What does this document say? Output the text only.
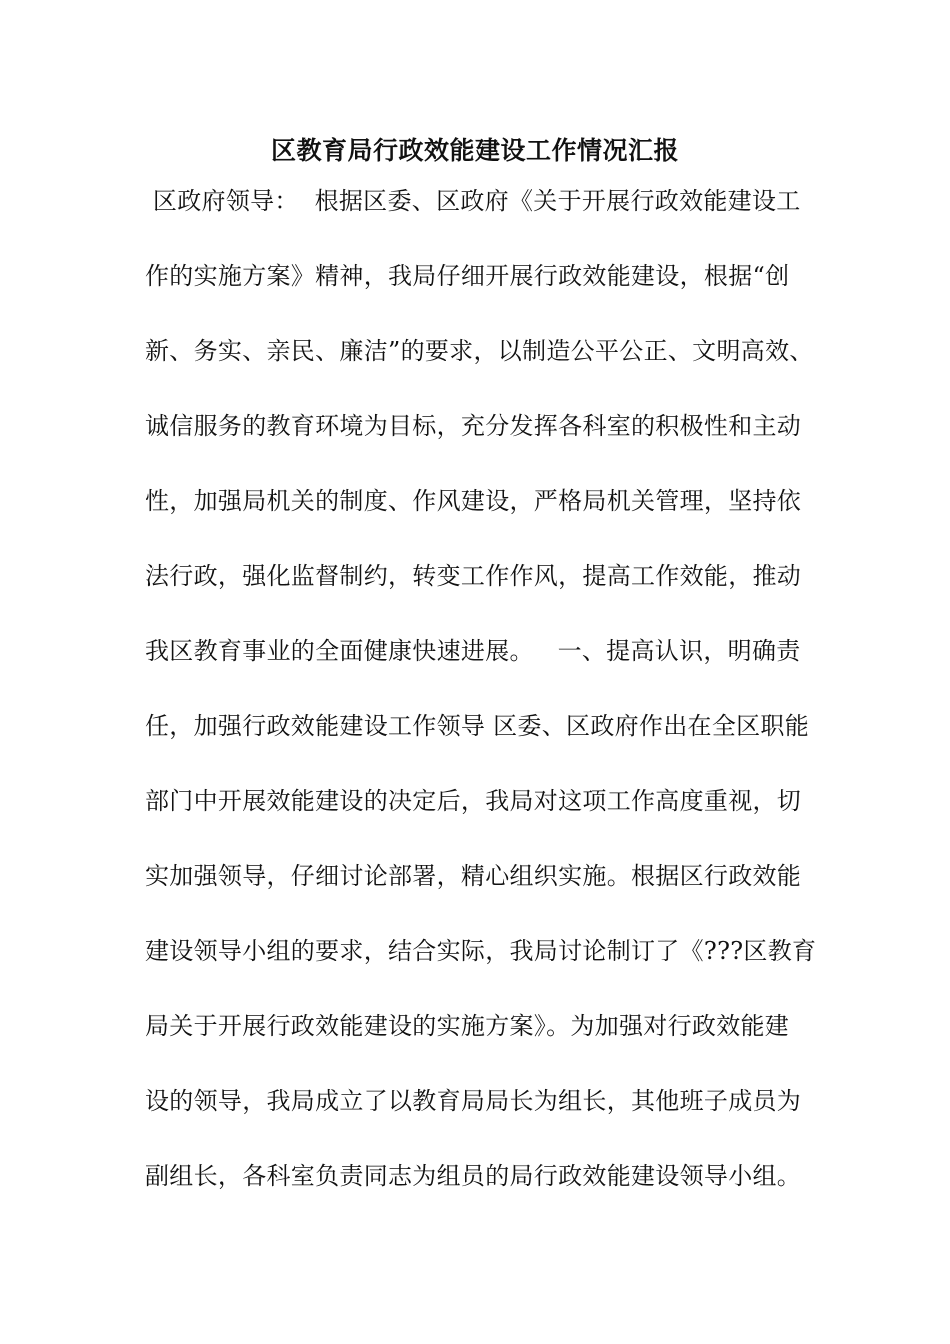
区教育局行政效能建设工作情况汇报
区政府领导：  根据区委、区政府《关于开展行政效能建设工
作的实施方案》精神，我局仔细开展行政效能建设，根据“创
新、务实、亲民、廉洁”的要求，以制造公平公正、文明高效、
诚信服务的教育环境为目标，充分发挥各科室的积极性和主动
性，加强局机关的制度、作风建设，严格局机关管理，坚持依
法行政，强化监督制约，转变工作作风，提高工作效能，推动
我区教育事业的全面健康快速进展。   一、提高认识，明确责
任，加强行政效能建设工作领导 区委、区政府作出在全区职能
部门中开展效能建设的决定后，我局对这项工作高度重视，切
实加强领导，仔细讨论部署，精心组织实施。根据区行政效能
建设领导小组的要求，结合实际，我局讨论制订了《???区教育
局关于开展行政效能建设的实施方案》。为加强对行政效能建
设的领导，我局成立了以教育局局长为组长，其他班子成员为
副组长，各科室负责同志为组员的局行政效能建设领导小组。
